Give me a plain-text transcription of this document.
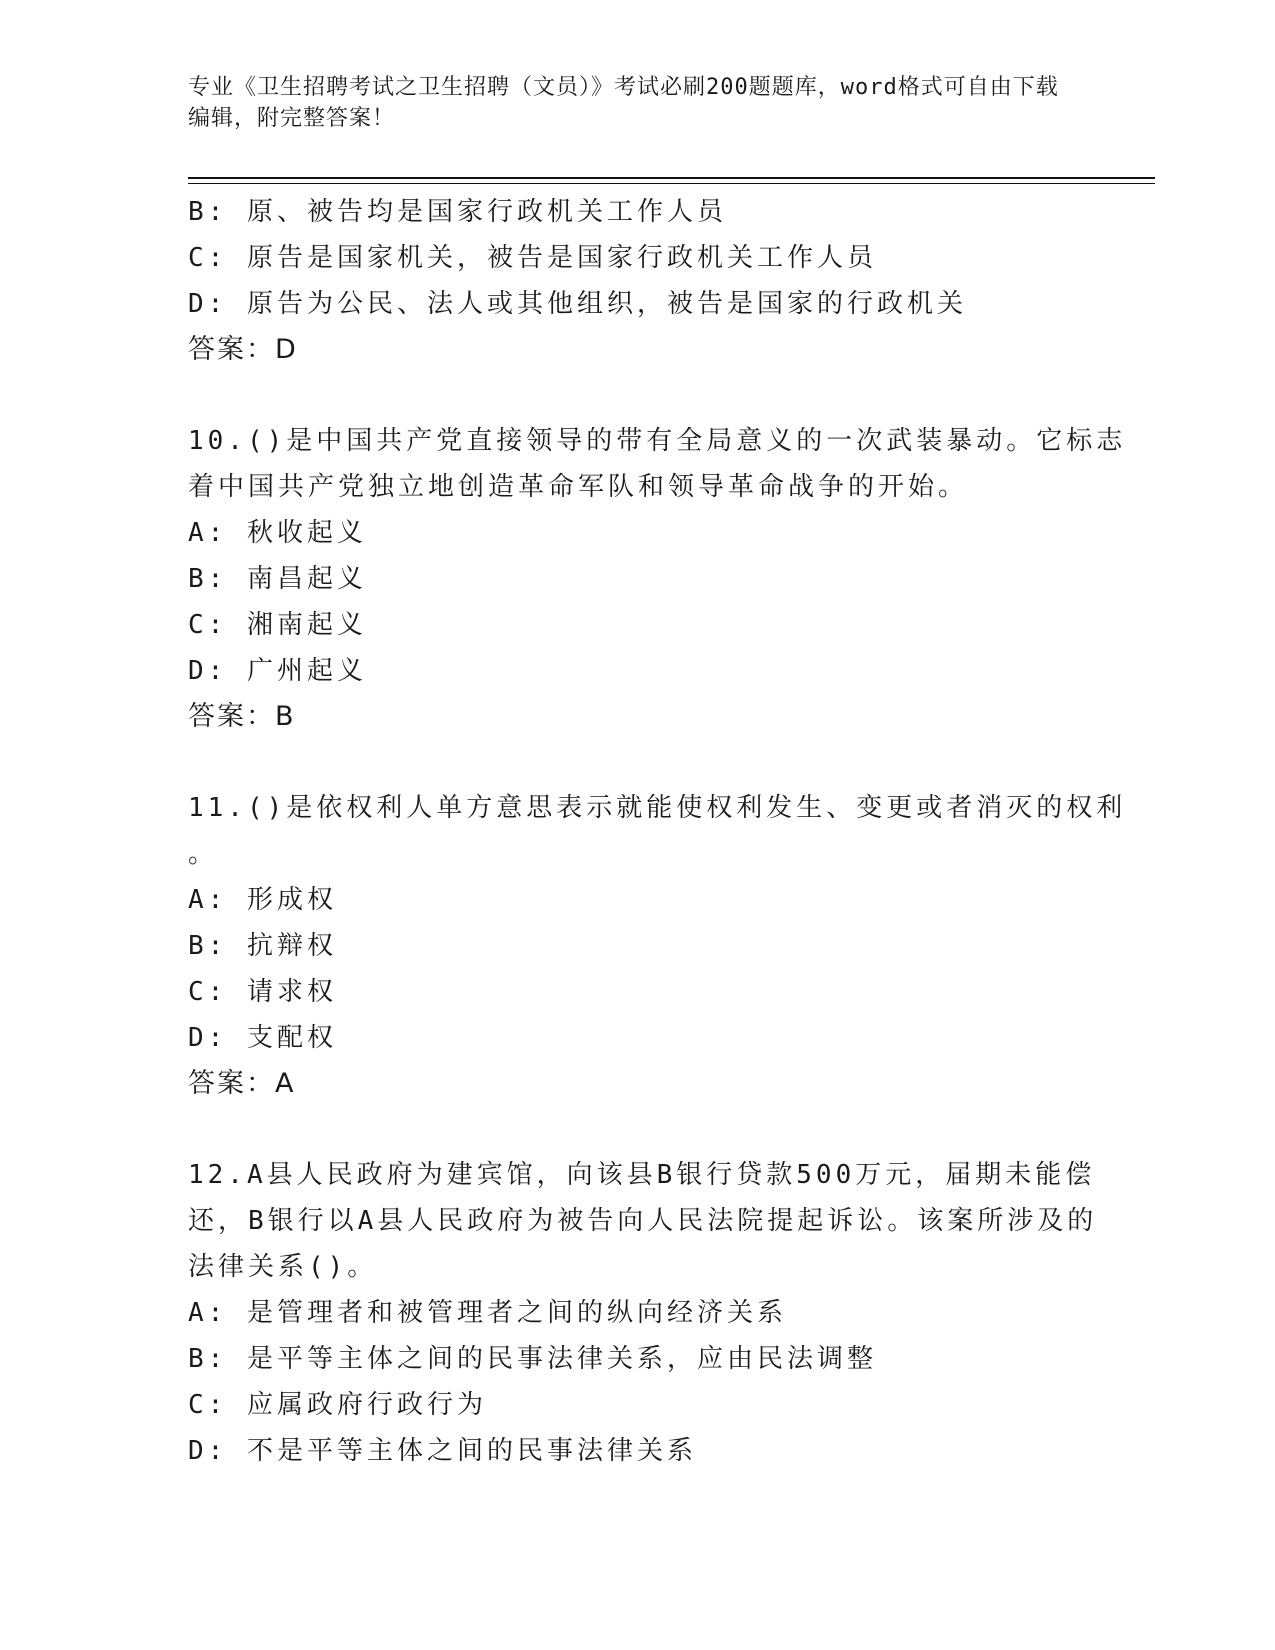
专业《卫生招聘考试之卫生招聘（文员）》考试必刷200题题库，word格式可自由下载编辑，附完整答案！
B: 原、被告均是国家行政机关工作人员
C: 原告是国家机关，被告是国家行政机关工作人员
D: 原告为公民、法人或其他组织，被告是国家的行政机关
答案：D
10.()是中国共产党直接领导的带有全局意义的一次武装暴动。它标志
着中国共产党独立地创造革命军队和领导革命战争的开始。
A: 秋收起义
B: 南昌起义
C: 湘南起义
D: 广州起义
答案：B
11.()是依权利人单方意思表示就能使权利发生、变更或者消灭的权利
。
A: 形成权
B: 抗辩权
C: 请求权
D: 支配权
答案：A
12.A县人民政府为建宾馆，向该县B银行贷款500万元，届期未能偿
还，B银行以A县人民政府为被告向人民法院提起诉讼。该案所涉及的
法律关系()。
A: 是管理者和被管理者之间的纵向经济关系
B: 是平等主体之间的民事法律关系，应由民法调整
C: 应属政府行政行为
D: 不是平等主体之间的民事法律关系
